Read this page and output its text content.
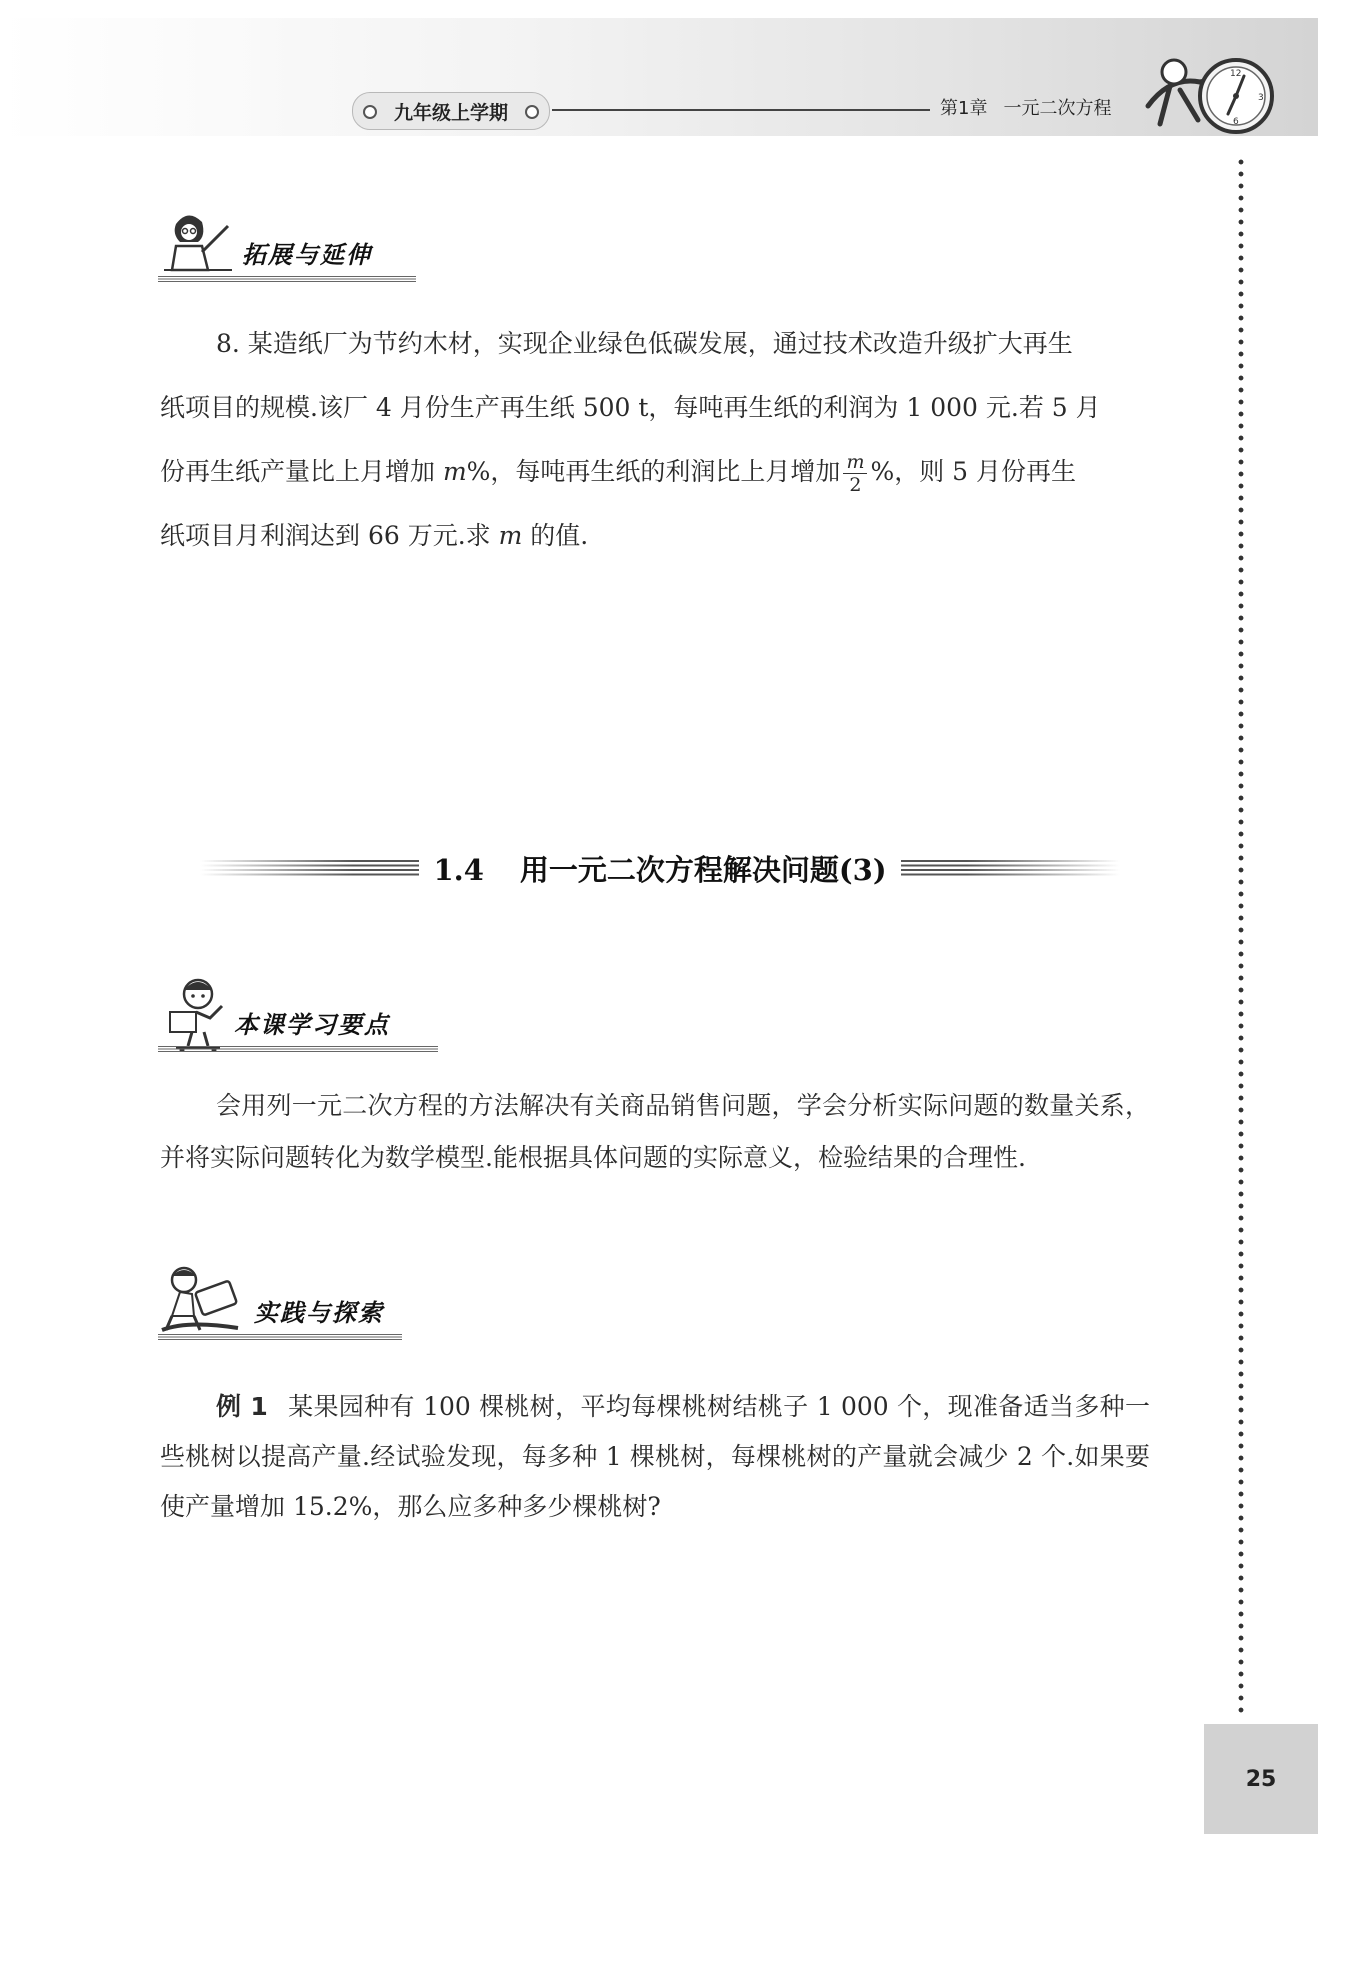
九年级上学期	第1章 一元二次方程
12
3
6
拓展与延伸
8. 某造纸厂为节约木材，实现企业绿色低碳发展，通过技术改造升级扩大再生
纸项目的规模.该厂 4 月份生产再生纸 500 t，每吨再生纸的利润为 1 000 元.若 5 月
份再生纸产量比上月增加 m%，每吨再生纸的利润比上月增加 $\frac{m}{2}$ %，则 5 月份再生
纸项目月利润达到 66 万元.求 m 的值.
1.4 用一元二次方程解决问题(3)
本课学习要点
会用列一元二次方程的方法解决有关商品销售问题，学会分析实际问题的数量关系，并将实际问题转化为数学模型.能根据具体问题的实际意义，检验结果的合理性.
实践与探索
例 1 某果园种有 100 棵桃树，平均每棵桃树结桃子 1 000 个，现准备适当多种一些桃树以提高产量.经试验发现，每多种 1 棵桃树，每棵桃树的产量就会减少 2 个.如果要使产量增加 15.2%，那么应多种多少棵桃树?
25
